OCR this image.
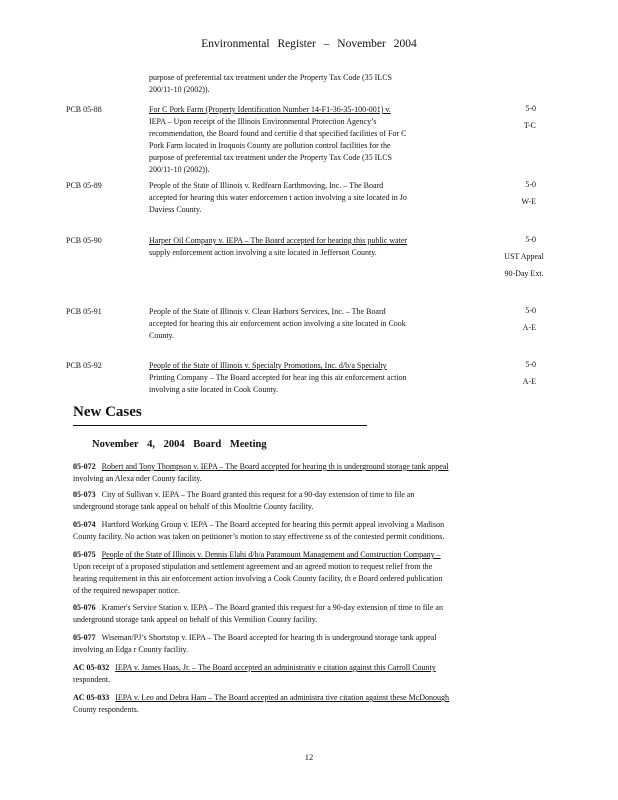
Environmental Register – November 2004
purpose of preferential tax treatment under the Property Tax Code (35 ILCS
200/11-10 (2002)).
PCB 05-88	For C Pork Farm (Property Identification Number 14-F1-36-35-100-001) v.
IEPA – Upon receipt of the Illinois Environmental Protection Agency’s
recommendation, the Board found and certifie d that specified facilities of For C
Pork Farm located in Iroquois County are pollution control facilities for the
purpose of preferential tax treatment under the Property Tax Code (35 ILCS
200/11-10 (2002)).
5-0
T-C
PCB 05-89	People of the State of Illinois v. Redfearn Earthmoving, Inc. – The Board
accepted for hearing this water enforcemen t action involving a site located in Jo
Daviess County.
5-0
W-E
PCB 05-90	Harper Oil Company v. IEPA – The Board accepted for hearing this public water
supply enforcement action involving a site located in Jefferson County.
5-0
UST Appeal
90-Day Ext.
PCB 05-91	People of the State of Illinois v. Clean Harbors Services, Inc. – The Board
accepted for hearing this air enforcement action involving a site located in Cook
County.
5-0
A-E
PCB 05-92	People of the State of Illinois v. Specialty Promotions, Inc. d/b/a Specialty
Printing Company – The Board accepted for hear ing this air enforcement action
involving a site located in Cook County.
5-0
A-E
New Cases
November 4, 2004 Board Meeting
05-072 Robert and Tony Thompson v. IEPA – The Board accepted for hearing th is underground storage tank appeal
involving an Alexa nder County facility.
05-073 City of Sullivan v. IEPA – The Board granted this request for a 90-day extension of time to file an
underground storage tank appeal on behalf of this Moultrie County facility.
05-074 Hartford Working Group v. IEPA – The Board accepted for hearing this permit appeal involving a Madison
County facility. No action was taken on petitioner’s motion to stay effectivene ss of the contested permit conditions.
05-075 People of the State of Illinois v. Dennis Elahi d/b/a Paramount Management and Construction Company –
Upon receipt of a proposed stipulation and settlement agreement and an agreed motion to request relief from the
hearing requirement in this air enforcement action involving a Cook County facility, th e Board ordered publication
of the required newspaper notice.
05-076 Kramer's Service Station v. IEPA – The Board granted this request for a 90-day extension of time to file an
underground storage tank appeal on behalf of this Vermilion County facility.
05-077 Wiseman/PJ’s Shortstop v. IEPA – The Board accepted for hearing th is underground storage tank appeal
involving an Edga r County facility.
AC 05-032 IEPA v. James Haas, Jr. – The Board accepted an administrativ e citation against this Carroll County
respondent.
AC 05-033 IEPA v. Leo and Debra Ham – The Board accepted an administra tive citation against these McDonough
County respondents.
12
